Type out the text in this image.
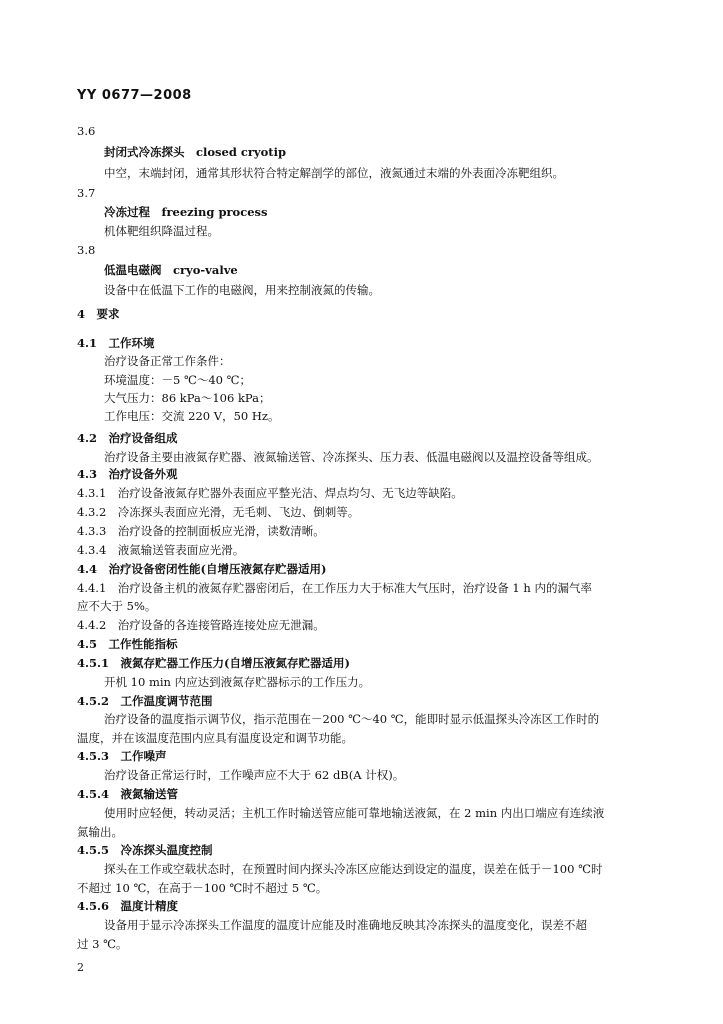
YY 0677—2008
3.6
封闭式冷冻探头　closed cryotip
中空，末端封闭，通常其形状符合特定解剖学的部位，液氮通过末端的外表面冷冻靶组织。
3.7
冷冻过程　freezing process
机体靶组织降温过程。
3.8
低温电磁阀　cryo-valve
设备中在低温下工作的电磁阀，用来控制液氮的传输。
4　要求
4.1　工作环境
治疗设备正常工作条件：
环境温度：－5 ℃～40 ℃；
大气压力：86 kPa～106 kPa；
工作电压：交流 220 V，50 Hz。
4.2　治疗设备组成
治疗设备主要由液氮存贮器、液氮输送管、冷冻探头、压力表、低温电磁阀以及温控设备等组成。
4.3　治疗设备外观
4.3.1　治疗设备液氮存贮器外表面应平整光洁、焊点均匀、无飞边等缺陷。
4.3.2　冷冻探头表面应光滑，无毛刺、飞边、倒刺等。
4.3.3　治疗设备的控制面板应光滑，读数清晰。
4.3.4　液氮输送管表面应光滑。
4.4　治疗设备密闭性能(自增压液氮存贮器适用)
4.4.1　治疗设备主机的液氮存贮器密闭后，在工作压力大于标准大气压时，治疗设备 1 h 内的漏气率
应不大于 5%。
4.4.2　治疗设备的各连接管路连接处应无泄漏。
4.5　工作性能指标
4.5.1　液氮存贮器工作压力(自增压液氮存贮器适用)
开机 10 min 内应达到液氮存贮器标示的工作压力。
4.5.2　工作温度调节范围
治疗设备的温度指示调节仪，指示范围在－200 ℃～40 ℃，能即时显示低温探头冷冻区工作时的
温度，并在该温度范围内应具有温度设定和调节功能。
4.5.3　工作噪声
治疗设备正常运行时，工作噪声应不大于 62 dB(A 计权)。
4.5.4　液氮输送管
使用时应轻便，转动灵活；主机工作时输送管应能可靠地输送液氮，在 2 min 内出口端应有连续液
氮输出。
4.5.5　冷冻探头温度控制
探头在工作或空载状态时，在预置时间内探头冷冻区应能达到设定的温度，误差在低于－100 ℃时
不超过 10 ℃，在高于－100 ℃时不超过 5 ℃。
4.5.6　温度计精度
设备用于显示冷冻探头工作温度的温度计应能及时准确地反映其冷冻探头的温度变化，误差不超
过 3 ℃。
2
